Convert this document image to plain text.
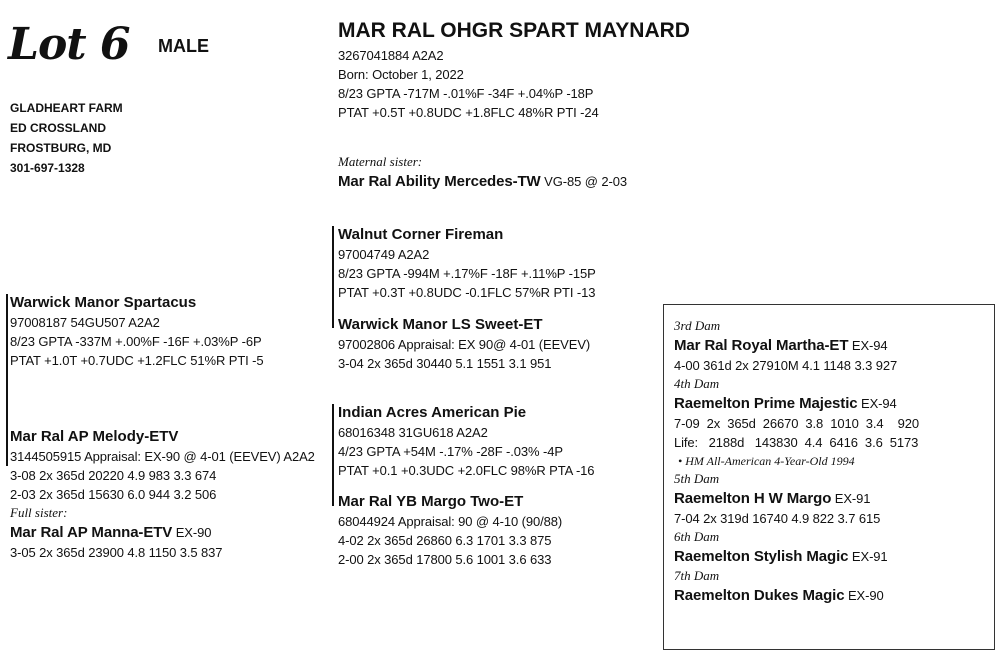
Lot 6 MALE
GLADHEART FARM
ED CROSSLAND
FROSTBURG, MD
301-697-1328
MAR RAL OHGR SPART MAYNARD
3267041884 A2A2
Born: October 1, 2022
8/23 GPTA -717M -.01%F -34F +.04%P -18P
PTAT +0.5T +0.8UDC +1.8FLC 48%R PTI -24
Maternal sister:
Mar Ral Ability Mercedes-TW VG-85 @ 2-03
Warwick Manor Spartacus
97008187 54GU507 A2A2
8/23 GPTA -337M +.00%F -16F +.03%P -6P
PTAT +1.0T +0.7UDC +1.2FLC 51%R PTI -5
Mar Ral AP Melody-ETV
3144505915 Appraisal: EX-90 @ 4-01 (EEVEV) A2A2
3-08 2x 365d 20220 4.9 983 3.3 674
2-03 2x 365d 15630 6.0 944 3.2 506
Full sister:
Mar Ral AP Manna-ETV EX-90
3-05 2x 365d 23900 4.8 1150 3.5 837
Walnut Corner Fireman
97004749 A2A2
8/23 GPTA -994M +.17%F -18F +.11%P -15P
PTAT +0.3T +0.8UDC -0.1FLC 57%R PTI -13
Warwick Manor LS Sweet-ET
97002806 Appraisal: EX 90@ 4-01 (EEVEV)
3-04 2x 365d 30440 5.1 1551 3.1 951
Indian Acres American Pie
68016348 31GU618 A2A2
4/23 GPTA +54M -.17% -28F -.03% -4P
PTAT +0.1 +0.3UDC +2.0FLC 98%R PTA -16
Mar Ral YB Margo Two-ET
68044924 Appraisal: 90 @ 4-10 (90/88)
4-02 2x 365d 26860 6.3 1701 3.3 875
2-00 2x 365d 17800 5.6 1001 3.6 633
3rd Dam
Mar Ral Royal Martha-ET EX-94
4-00 361d 2x 27910M 4.1 1148 3.3 927
4th Dam
Raemelton Prime Majestic EX-94
7-09  2x  365d  26670  3.8  1010  3.4    920
Life:   2188d   143830  4.4  6416  3.6  5173
• HM All-American 4-Year-Old 1994
5th Dam
Raemelton H W Margo EX-91
7-04 2x 319d 16740 4.9 822 3.7 615
6th Dam
Raemelton Stylish Magic EX-91
7th Dam
Raemelton Dukes Magic EX-90
